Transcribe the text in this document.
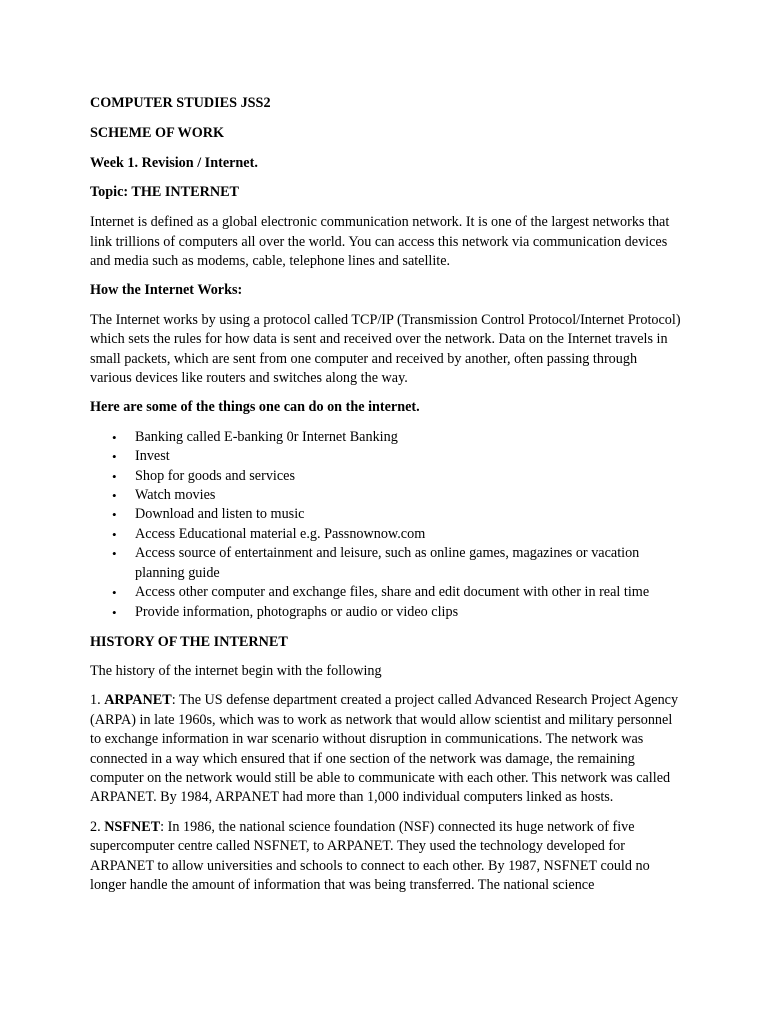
COMPUTER STUDIES JSS2

SCHEME OF WORK

Week 1. Revision / Internet.

Topic: THE INTERNET

Internet is defined as a global electronic communication network. It is one of the largest networks that link trillions of computers all over the world. You can access this network via communication devices and media such as modems, cable, telephone lines and satellite.

How the Internet Works:

The Internet works by using a protocol called TCP/IP (Transmission Control Protocol/Internet Protocol) which sets the rules for how data is sent and received over the network. Data on the Internet travels in small packets, which are sent from one computer and received by another, often passing through various devices like routers and switches along the way.

Here are some of the things one can do on the internet.

• Banking called E-banking 0r Internet Banking
• Invest
• Shop for goods and services
• Watch movies
• Download and listen to music
• Access Educational material e.g. Passnownow.com
• Access source of entertainment and leisure, such as online games, magazines or vacation planning guide
• Access other computer and exchange files, share and edit document with other in real time
• Provide information, photographs or audio or video clips

HISTORY OF THE INTERNET

The history of the internet begin with the following

1. ARPANET: The US defense department created a project called Advanced Research Project Agency (ARPA) in late 1960s, which was to work as network that would allow scientist and military personnel to exchange information in war scenario without disruption in communications. The network was connected in a way which ensured that if one section of the network was damage, the remaining computer on the network would still be able to communicate with each other. This network was called ARPANET. By 1984, ARPANET had more than 1,000 individual computers linked as hosts.

2. NSFNET: In 1986, the national science foundation (NSF) connected its huge network of five supercomputer centre called NSFNET, to ARPANET. They used the technology developed for ARPANET to allow universities and schools to connect to each other. By 1987, NSFNET could no longer handle the amount of information that was being transferred. The national science
